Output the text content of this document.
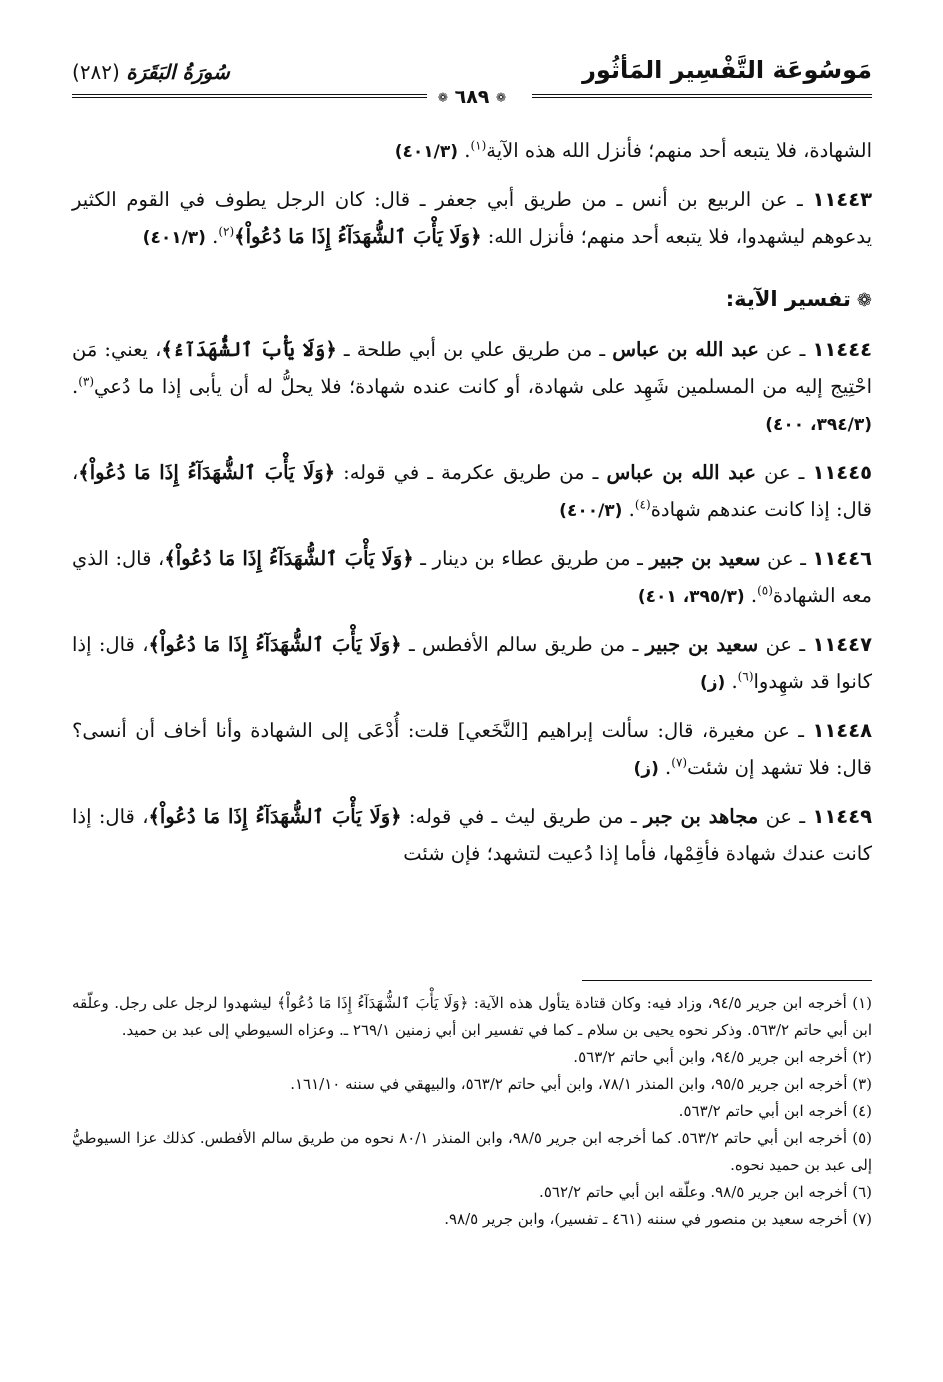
مَوسُوعَة التَّفْسِير المَأثُور
سُورَةُ البَقَرَة (٢٨٢)
❁ ٦٨٩ ❁

الشهادة، فلا يتبعه أحد منهم؛ فأنزل الله هذه الآية$^{(١)}$. (٤٠١/٣)

١١٤٤٣ ـ عن الربيع بن أنس ـ من طريق أبي جعفر ـ قال: كان الرجل يطوف في القوم الكثير يدعوهم ليشهدوا، فلا يتبعه أحد منهم؛ فأنزل الله: ﴿وَلَا يَأْبَ ٱلشُّهَدَآءُ إِذَا مَا دُعُواْ﴾$^{(٢)}$. (٤٠١/٣)

❁تفسير الآية:

١١٤٤٤ ـ عن عبد الله بن عباس ـ من طريق علي بن أبي طلحة ـ ﴿وَلَا يَأْبَ ٱلشُّهَدَآءُ﴾، يعني: مَن احْتِيج إليه من المسلمين شَهِد على شهادة، أو كانت عنده شهادة؛ فلا يحلُّ له أن يأبى إذا ما دُعي$^{(٣)}$. (٣٩٤/٣، ٤٠٠)

١١٤٤٥ ـ عن عبد الله بن عباس ـ من طريق عكرمة ـ في قوله: ﴿وَلَا يَأْبَ ٱلشُّهَدَآءُ إِذَا مَا دُعُواْ﴾، قال: إذا كانت عندهم شهادة$^{(٤)}$. (٤٠٠/٣)

١١٤٤٦ ـ عن سعيد بن جبير ـ من طريق عطاء بن دينار ـ ﴿وَلَا يَأْبَ ٱلشُّهَدَآءُ إِذَا مَا دُعُواْ﴾، قال: الذي معه الشهادة$^{(٥)}$. (٣٩٥/٣، ٤٠١)

١١٤٤٧ ـ عن سعيد بن جبير ـ من طريق سالم الأفطس ـ ﴿وَلَا يَأْبَ ٱلشُّهَدَآءُ إِذَا مَا دُعُواْ﴾، قال: إذا كانوا قد شهِدوا$^{(٦)}$. (ز)

١١٤٤٨ ـ عن مغيرة، قال: سألت إبراهيم [النَّخَعي] قلت: أُدْعَى إلى الشهادة وأنا أخاف أن أنسى؟ قال: فلا تشهد إن شئت$^{(٧)}$. (ز)

١١٤٤٩ ـ عن مجاهد بن جبر ـ من طريق ليث ـ في قوله: ﴿وَلَا يَأْبَ ٱلشُّهَدَآءُ إِذَا مَا دُعُواْ﴾، قال: إذا كانت عندك شهادة فأقِمْها، فأما إذا دُعيت لتشهد؛ فإن شئت

(١) أخرجه ابن جرير ٩٤/٥، وزاد فيه: وكان قتادة يتأول هذه الآية: ﴿وَلَا يَأْبَ ٱلشُّهَدَآءُ إِذَا مَا دُعُواْ﴾ ليشهدوا لرجل على رجل. وعلّقه ابن أبي حاتم ٥٦٣/٢. وذكر نحوه يحيى بن سلام ـ كما في تفسير ابن أبي زمنين ٢٦٩/١ ـ. وعزاه السيوطي إلى عبد بن حميد.

(٢) أخرجه ابن جرير ٩٤/٥، وابن أبي حاتم ٥٦٣/٢.

(٣) أخرجه ابن جرير ٩٥/٥، وابن المنذر ٧٨/١، وابن أبي حاتم ٥٦٣/٢، والبيهقي في سننه ١٦١/١٠.

(٤) أخرجه ابن أبي حاتم ٥٦٣/٢.

(٥) أخرجه ابن أبي حاتم ٥٦٣/٢. كما أخرجه ابن جرير ٩٨/٥، وابن المنذر ٨٠/١ نحوه من طريق سالم الأفطس. كذلك عزا السيوطيُّ إلى عبد بن حميد نحوه.

(٦) أخرجه ابن جرير ٩٨/٥. وعلّقه ابن أبي حاتم ٥٦٢/٢.

(٧) أخرجه سعيد بن منصور في سننه (٤٦١ ـ تفسير)، وابن جرير ٩٨/٥.
